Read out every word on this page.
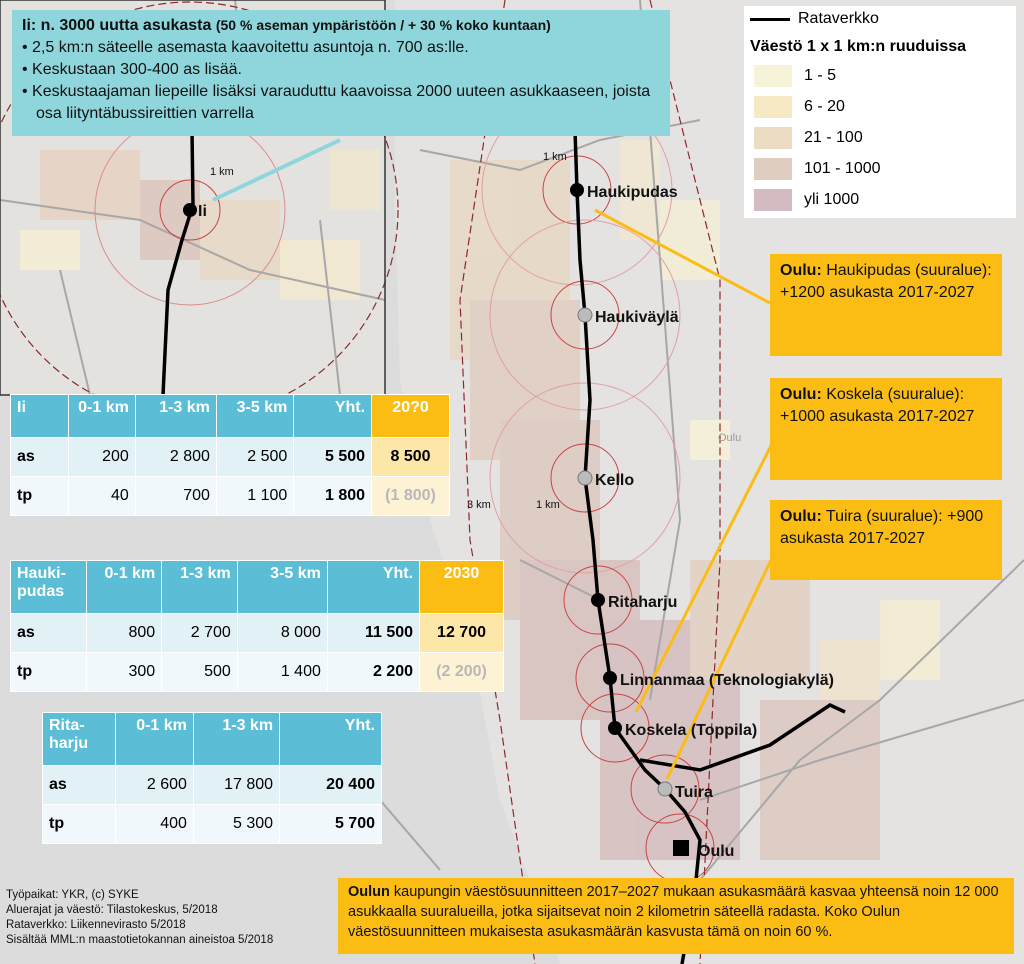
Ii
Haukipudas
Haukiväylä
Kello
Ritaharju
Linnanmaa (Teknologiakylä)
Koskela (Toppila)
Tuira
Oulu
1 km
1 km
3 km	1 km
Oulu
Ii: n. 3000 uutta asukasta (50 % aseman ympäristöön / + 30 % koko kuntaan)
• 2,5 km:n säteelle asemasta kaavoitettu asuntoja n. 700 as:lle.
• Keskustaan 300-400 as lisää.
• Keskustaajaman liepeille lisäksi varauduttu kaavoissa 2000 uuteen asukkaaseen, joista osa liityntäbussireittien varrella
Rataverkko
Väestö 1 x 1 km:n ruuduissa
1 - 5
6 - 20
21 - 100
101 - 1000
yli 1000
Oulu: Haukipudas (suuralue): +1200 asukasta 2017-2027
Oulu: Koskela (suuralue): +1000 asukasta 2017-2027
Oulu: Tuira (suuralue): +900 asukasta 2017-2027
Oulun kaupungin väestösuunnitteen 2017–2027 mukaan asukasmäärä kasvaa yhteensä noin 12 000 asukkaalla suuralueilla, jotka sijaitsevat noin 2 kilometrin säteellä radasta. Koko Oulun väestösuunnitteen mukaisesta asukasmäärän kasvusta tämä on noin 60 %.
Ii	0-1 km	1-3 km	3-5 km	Yht.	20?0
as	200	2 800	2 500	5 500	8 500
tp	40	700	1 100	1 800	(1 800)
Hauki- pudas	0-1 km	1-3 km	3-5 km	Yht.	2030
as	800	2 700	8 000	11 500	12 700
tp	300	500	1 400	2 200	(2 200)
Rita- harju	0-1 km	1-3 km	Yht.
as	2 600	17 800	20 400
tp	400	5 300	5 700
Työpaikat: YKR, (c) SYKE
Aluerajat ja väestö: Tilastokeskus, 5/2018
Rataverkko: Liikennevirasto 5/2018
Sisältää MML:n maastotietokannan aineistoa 5/2018
